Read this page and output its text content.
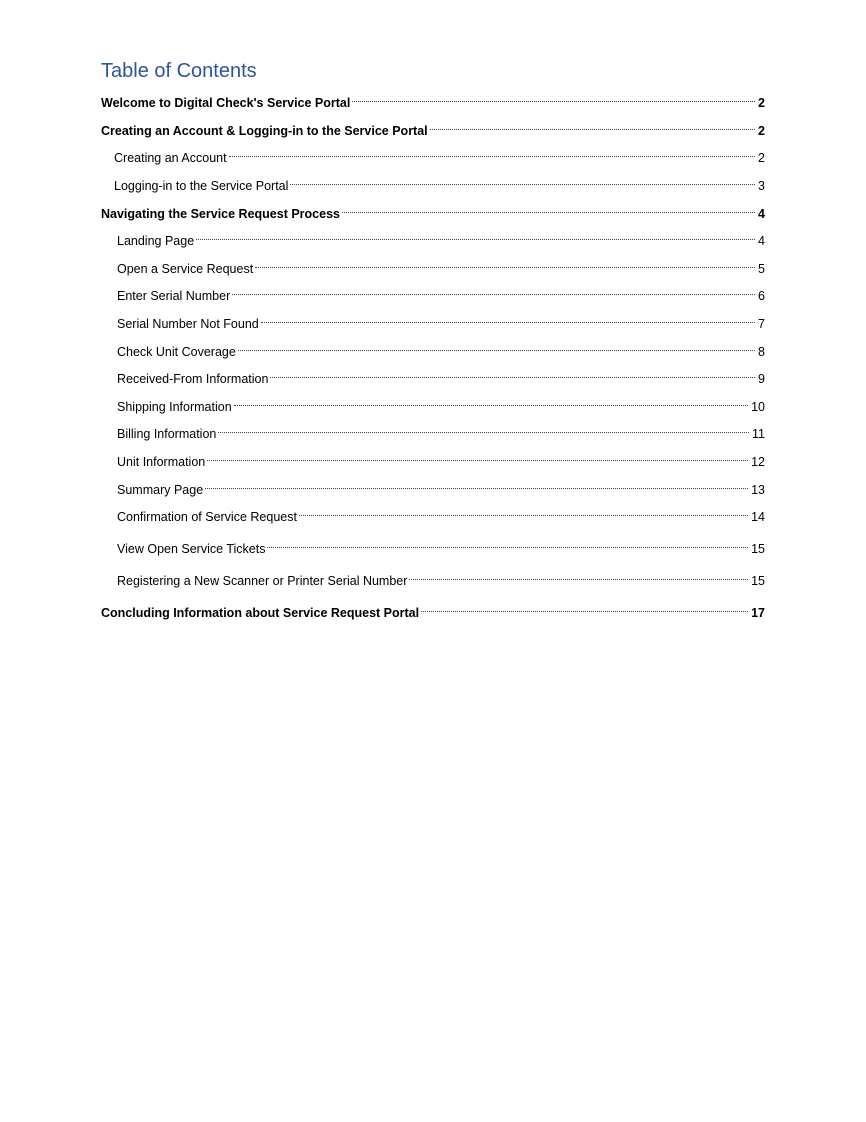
Table of Contents
Welcome to Digital Check's Service Portal	2
Creating an Account & Logging-in to the Service Portal	2
Creating an Account	2
Logging-in to the Service Portal	3
Navigating the Service Request Process	4
Landing Page	4
Open a Service Request	5
Enter Serial Number	6
Serial Number Not Found	7
Check Unit Coverage	8
Received-From Information	9
Shipping Information	10
Billing Information	11
Unit Information	12
Summary Page	13
Confirmation of Service Request	14
View Open Service Tickets	15
Registering a New Scanner or Printer Serial Number	15
Concluding Information about Service Request Portal	17
